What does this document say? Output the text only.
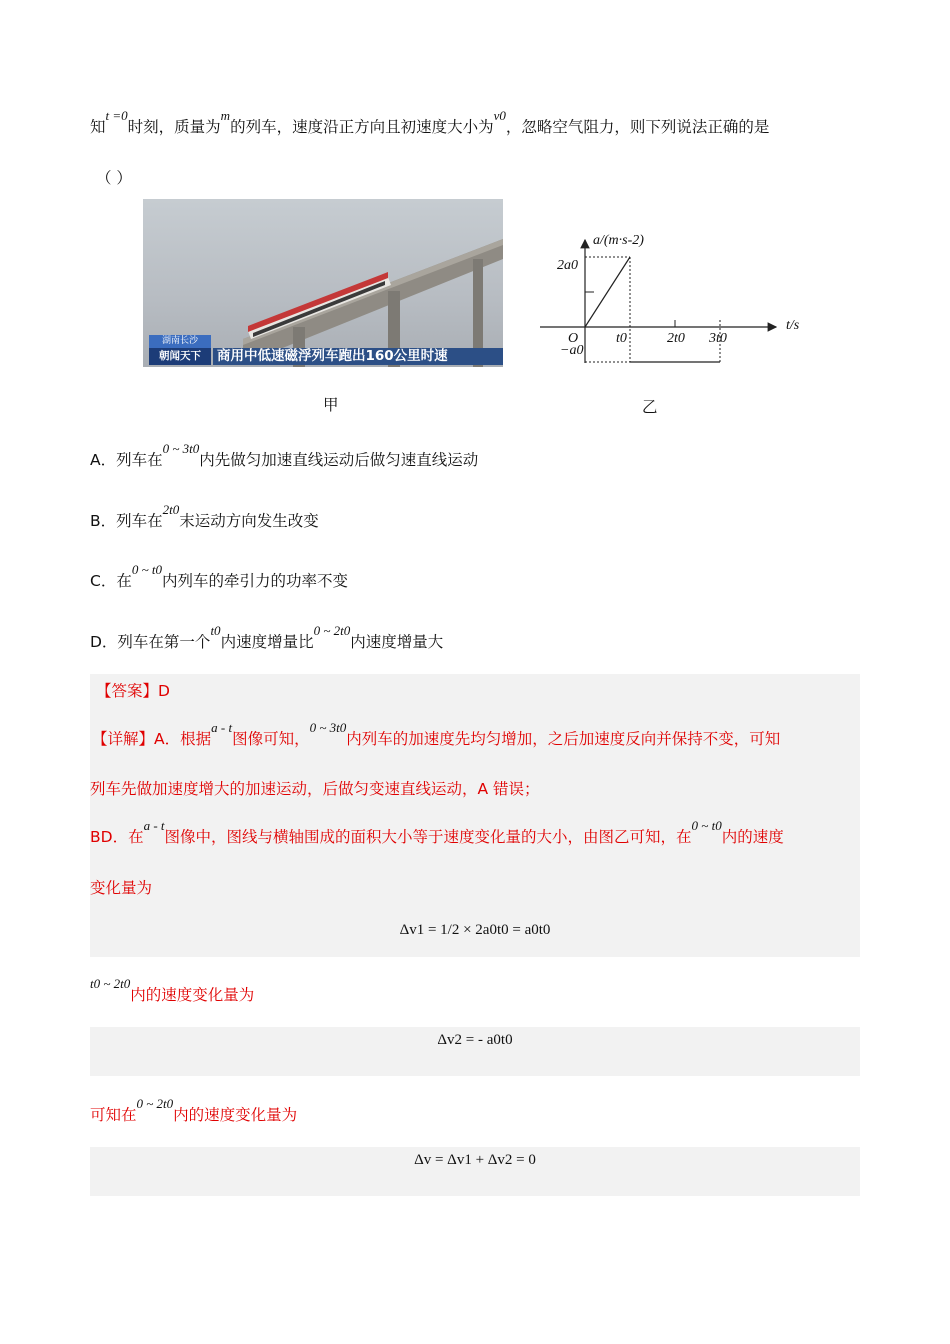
知$^{t =0}$时刻，质量为$^m$的列车，速度沿正方向且初速度大小为$^{v0}$，忽略空气阻力，则下列说法正确的是
（ ）
湖南长沙
朝闻天下	商用中低速磁浮列车跑出160公里时速
甲
a/(m·s-2)
t/s
O
2a0
−a0
t0	2t0 3t0
乙
A．列车在$^{0 \sim 3t0}$内先做匀加速直线运动后做匀速直线运动
B．列车在$^{2t0}$末运动方向发生改变
C．在$^{0 \sim t0}$内列车的牵引力的功率不变
D．列车在第一个$^{t0}$内速度增量比$^{0 \sim 2t0}$内速度增量大
【答案】D
【详解】A．根据$^{a - t}$图像可知，$^{0 \sim 3t0}$内列车的加速度先均匀增加，之后加速度反向并保持不变，可知
列车先做加速度增大的加速运动，后做匀变速直线运动，A 错误；
BD．在$^{a - t}$图像中，图线与横轴围成的面积大小等于速度变化量的大小，由图乙可知，在$^{0 \sim t0}$内的速度
变化量为
Δv1 = 1/2 × 2a0t0 = a0t0
$^{t0 \sim 2t0}$内的速度变化量为
Δv2 = - a0t0
可知在$^{0 \sim 2t0}$内的速度变化量为
Δv = Δv1 + Δv2 = 0
